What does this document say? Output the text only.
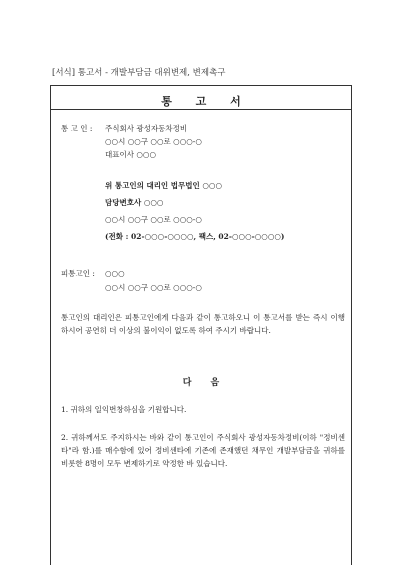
[서식] 통고서 - 개발부담금 대위변제, 변제촉구
통 고 서

통 고 인 : 주식회사 광성자동차정비

○○시 ○○구 ○○로 ○○○-○

대표이사 ○○○

위 통고인의 대리인 법무법인 ○○○

담당변호사 ○○○

○○시 ○○구 ○○로 ○○○-○

(전화 : 02-○○○-○○○○, 팩스, 02-○○○-○○○○)

피통고인 : ○○○

○○시 ○○구 ○○로 ○○○-○

통고인의 대리인은 피통고인에게 다음과 같이 통고하오니 이 통고서를 받는 즉시 이행하시어 공연히 더 이상의 불이익이 없도록 하여 주시기 바랍니다.

다 음

1. 귀하의 일익번창하심을 기원합니다.

2. 귀하께서도 주지하시는 바와 같이 통고인이 주식회사 광성자동차정비(이하 "정비센타"라 함.)를 매수함에 있어 정비센타에 기존에 존재했던 채무인 개발부담금을 귀하를 비롯한 8명이 모두 변제하기로 약정한 바 있습니다.
